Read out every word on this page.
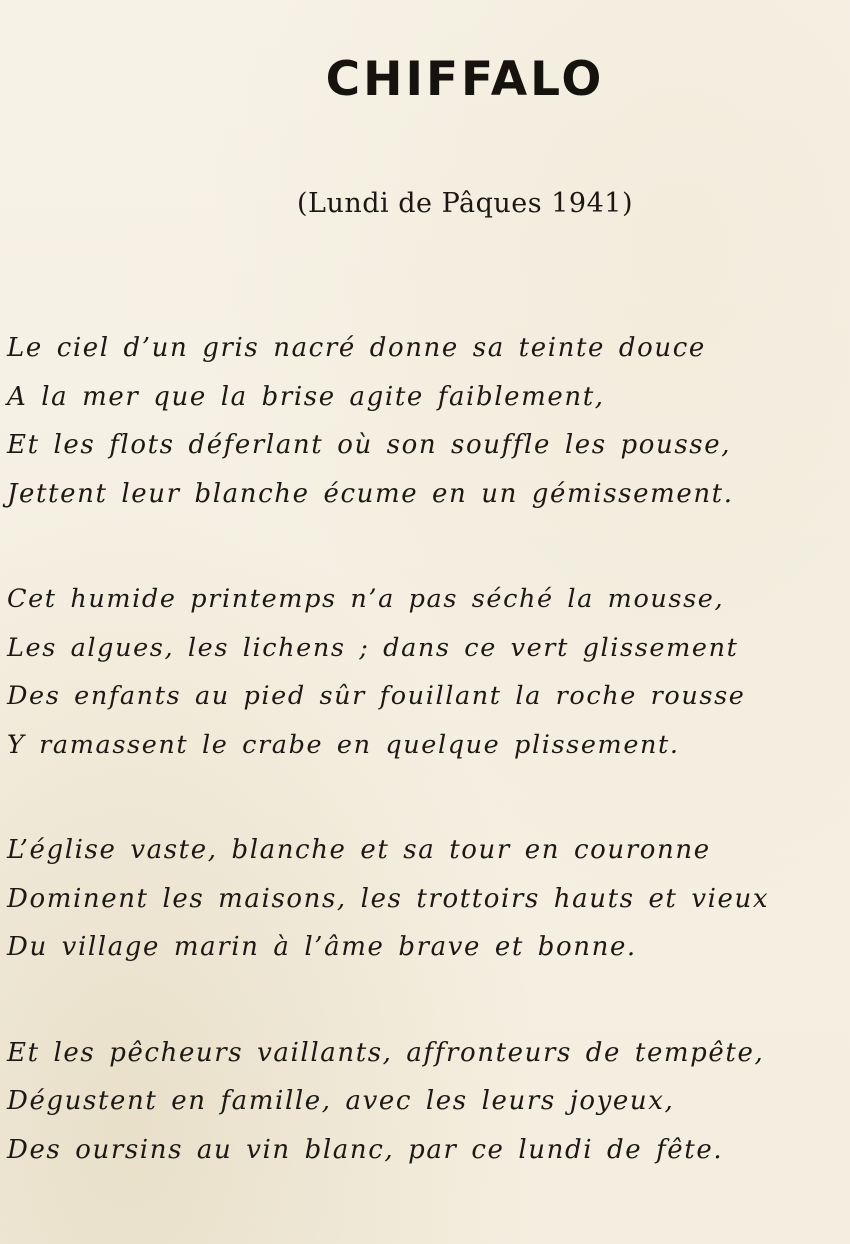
CHIFFALO
(Lundi de Pâques 1941)
Le ciel d’un gris nacré donne sa teinte douce
A la mer que la brise agite faiblement,
Et les flots déferlant où son souffle les pousse,
Jettent leur blanche écume en un gémissement.
Cet humide printemps n’a pas séché la mousse,
Les algues, les lichens ; dans ce vert glissement
Des enfants au pied sûr fouillant la roche rousse
Y ramassent le crabe en quelque plissement.
L’église vaste, blanche et sa tour en couronne
Dominent les maisons, les trottoirs hauts et vieux
Du village marin à l’âme brave et bonne.
Et les pêcheurs vaillants, affronteurs de tempête,
Dégustent en famille, avec les leurs joyeux,
Des oursins au vin blanc, par ce lundi de fête.
